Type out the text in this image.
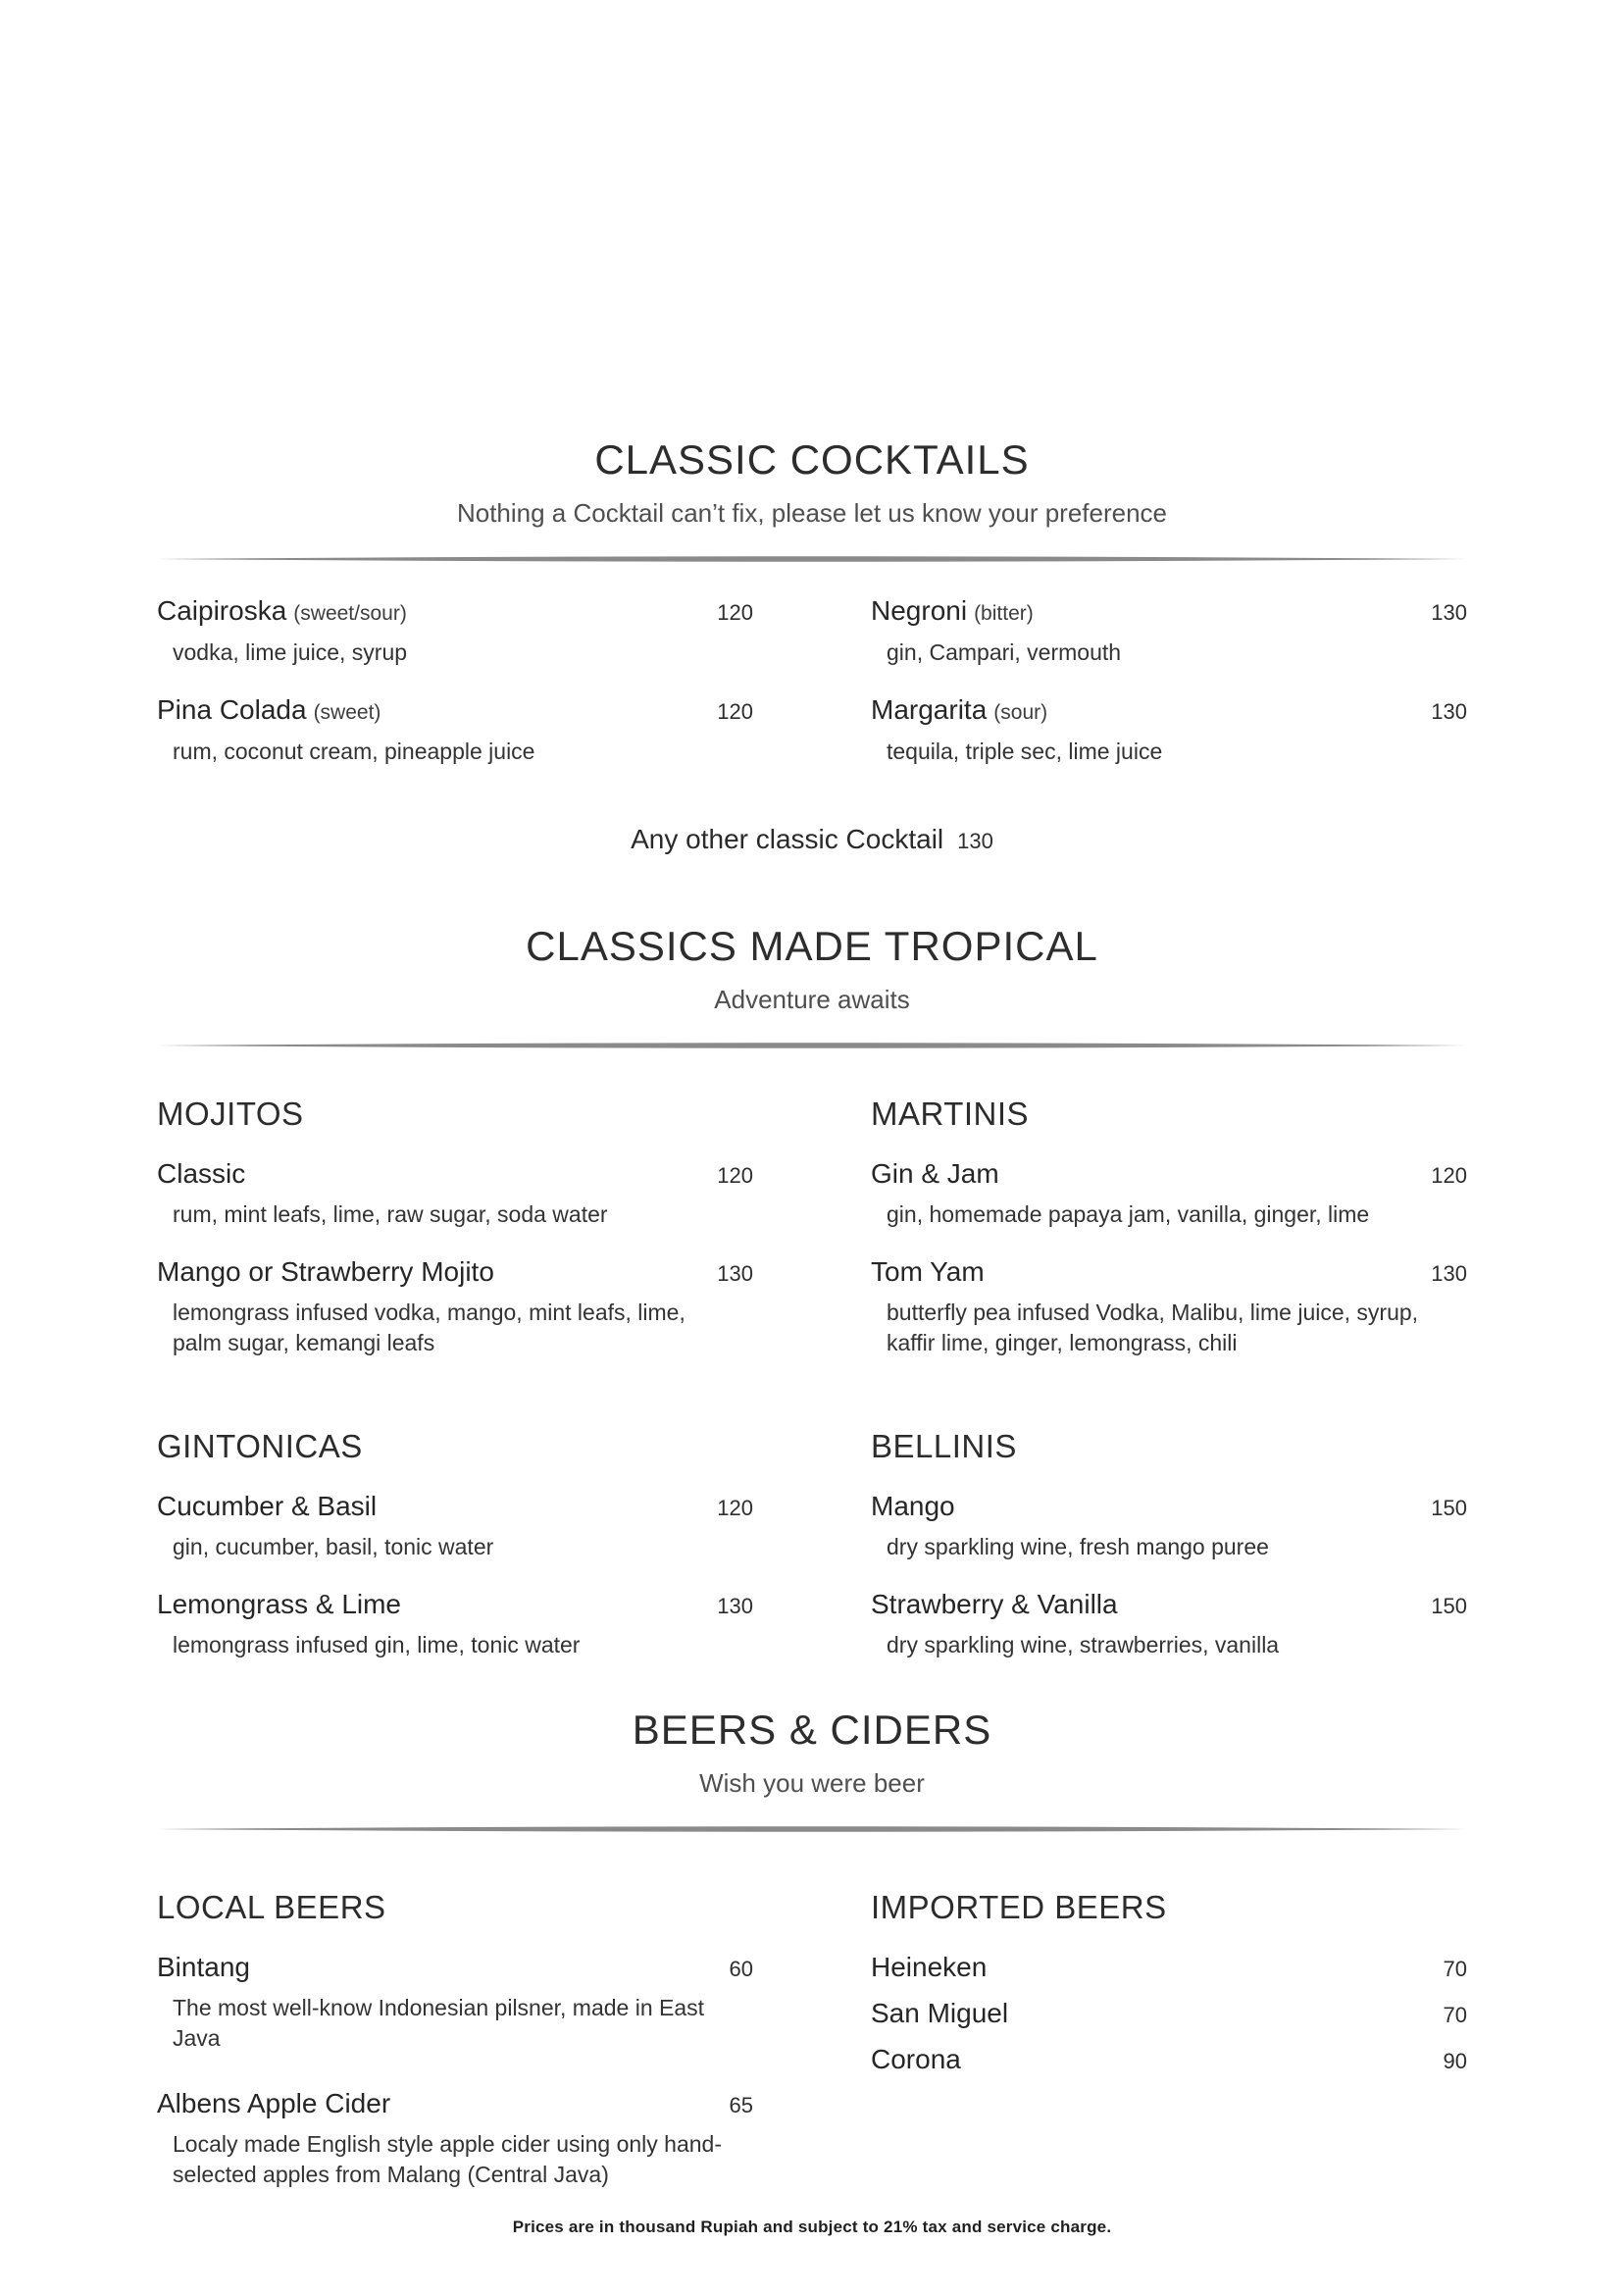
CLASSIC COCKTAILS
Nothing a Cocktail can’t fix, please let us know your preference
Caipiroska (sweet/sour)	120
vodka, lime juice, syrup
Pina Colada (sweet)	120
rum, coconut cream, pineapple juice
Negroni (bitter)	130
gin, Campari, vermouth
Margarita (sour)	130
tequila, triple sec, lime juice
Any other classic Cocktail 130
CLASSICS MADE TROPICAL
Adventure awaits
MOJITOS
Classic	120
rum, mint leafs, lime, raw sugar, soda water
Mango or Strawberry Mojito	130
lemongrass infused vodka, mango, mint leafs, lime, palm sugar, kemangi leafs
GINTONICAS
Cucumber & Basil	120
gin, cucumber, basil, tonic water
Lemongrass & Lime	130
lemongrass infused gin, lime, tonic water
MARTINIS
Gin & Jam	120
gin, homemade papaya jam, vanilla, ginger, lime
Tom Yam	130
butterfly pea infused Vodka, Malibu, lime juice, syrup, kaffir lime, ginger, lemongrass, chili
BELLINIS
Mango	150
dry sparkling wine, fresh mango puree
Strawberry & Vanilla	150
dry sparkling wine, strawberries, vanilla
BEERS & CIDERS
Wish you were beer
LOCAL BEERS
Bintang	60
The most well-know Indonesian pilsner, made in East Java
Albens Apple Cider	65
Localy made English style apple cider using only hand-selected apples from Malang (Central Java)
IMPORTED BEERS
Heineken	70
San Miguel	70
Corona	90
Prices are in thousand Rupiah and subject to 21% tax and service charge.
